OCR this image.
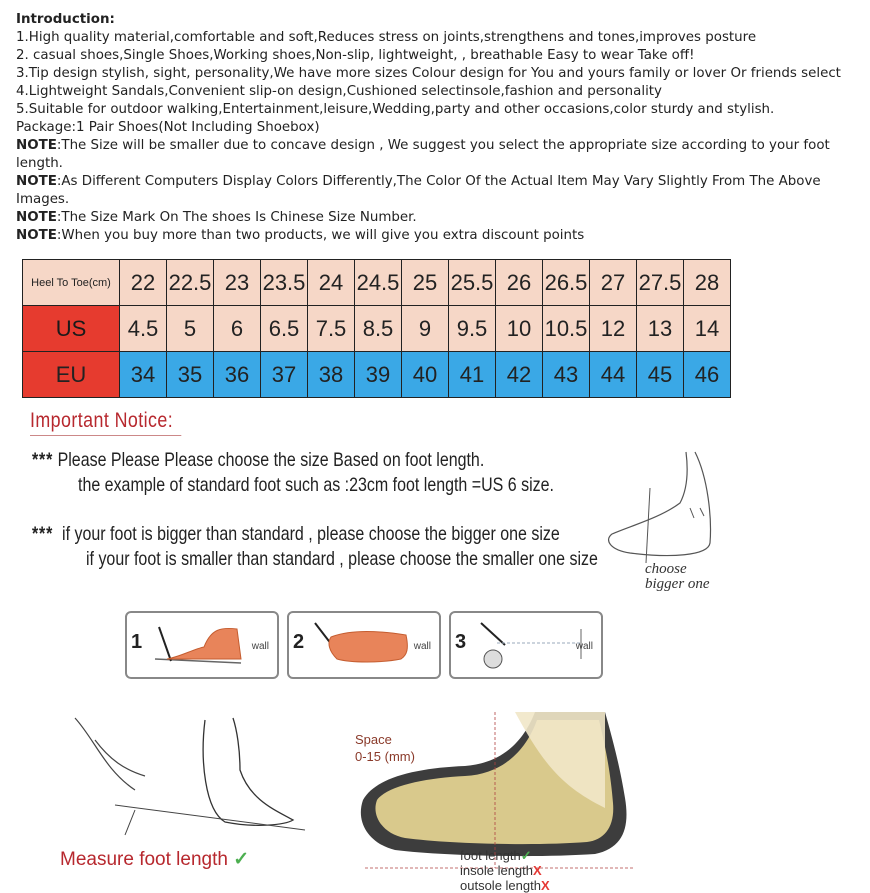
Introduction:
1.High quality material,comfortable and soft,Reduces stress on joints,strengthens and tones,improves posture
2. casual shoes,Single Shoes,Working shoes,Non-slip, lightweight, , breathable Easy to wear Take off!
3.Tip design stylish, sight, personality,We have more sizes Colour design for You and yours family or lover Or friends select
4.Lightweight Sandals,Convenient slip-on design,Cushioned selectinsole,fashion and personality
5.Suitable for outdoor walking,Entertainment,leisure,Wedding,party and other occasions,color sturdy and stylish.
Package:1 Pair Shoes(Not Including Shoebox)
NOTE:The Size will be smaller due to concave design , We suggest you select the appropriate size according to your foot length.
NOTE:As Different Computers Display Colors Differently,The Color Of the Actual Item May Vary Slightly From The Above Images.
NOTE:The Size Mark On The shoes Is Chinese Size Number.
NOTE:When you buy more than two products, we will give you extra discount points
Heel To Toe(cm)	22	22.5	23	23.5	24	24.5	25	25.5	26	26.5	27	27.5	28
US	4.5	5	6	6.5	7.5	8.5	9	9.5	10	10.5	12	13	14
EU	34	35	36	37	38	39	40	41	42	43	44	45	46
Important Notice:
*** Please Please Please choose the size Based on foot length.
the example of standard foot such as :23cm foot length =US 6 size.
*** if your foot is bigger than standard , please choose the bigger one size
if your foot is smaller than standard , please choose the smaller one size	choose
bigger one
1	wall 2	wall 3	wall
Measure foot length ✓
Space
0-15 (mm)
foot length✓
insole lengthX
outsole lengthX
